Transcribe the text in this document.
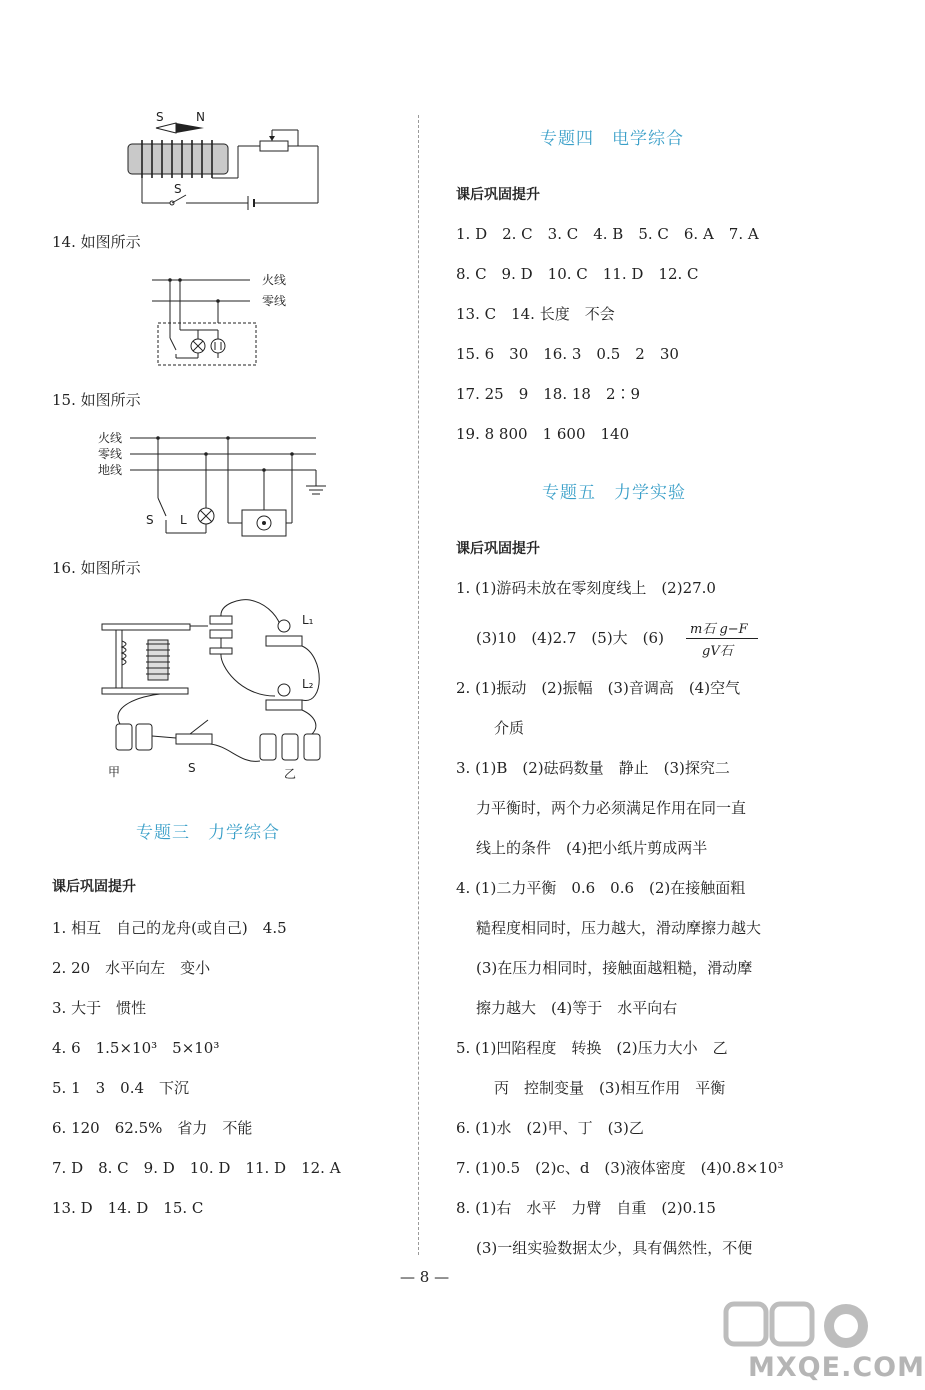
S	N
S
14. 如图所示
火线
零线
15. 如图所示
火线
零线
地线
S L
16. 如图所示
L₁
L₂
甲	S	乙
专题三　力学综合
课后巩固提升
1. 相互　自己的龙舟(或自己)　4.5
2. 20　水平向左　变小
3. 大于　惯性
4. 6　1.5×10³　5×10³
5. 1　3　0.4　下沉
6. 120　62.5%　省力　不能
7. D　8. C　9. D　10. D　11. D　12. A
13. D　14. D　15. C
专题四　电学综合
课后巩固提升
1. D　2. C　3. C　4. B　5. C　6. A　7. A
8. C　9. D　10. C　11. D　12. C
13. C　14. 长度　不会
15. 6　30　16. 3　0.5　2　30
17. 25　9　18. 18　2∶9
19. 8 800　1 600　140
专题五　力学实验
课后巩固提升
1. (1)游码未放在零刻度线上　(2)27.0
(3)10　(4)2.7　(5)大　(6) m石 g−F
gV石
2. (1)振动　(2)振幅　(3)音调高　(4)空气
介质
3. (1)B　(2)砝码数量　静止　(3)探究二
力平衡时，两个力必须满足作用在同一直
线上的条件　(4)把小纸片剪成两半
4. (1)二力平衡　0.6　0.6　(2)在接触面粗
糙程度相同时，压力越大，滑动摩擦力越大
(3)在压力相同时，接触面越粗糙，滑动摩
擦力越大　(4)等于　水平向右
5. (1)凹陷程度　转换　(2)压力大小　乙
丙　控制变量　(3)相互作用　平衡
6. (1)水　(2)甲、丁　(3)乙
7. (1)0.5　(2)c、d　(3)液体密度　(4)0.8×10³
8. (1)右　水平　力臂　自重　(2)0.15
(3)一组实验数据太少，具有偶然性，不便
— 8 —
MXQE.COM
